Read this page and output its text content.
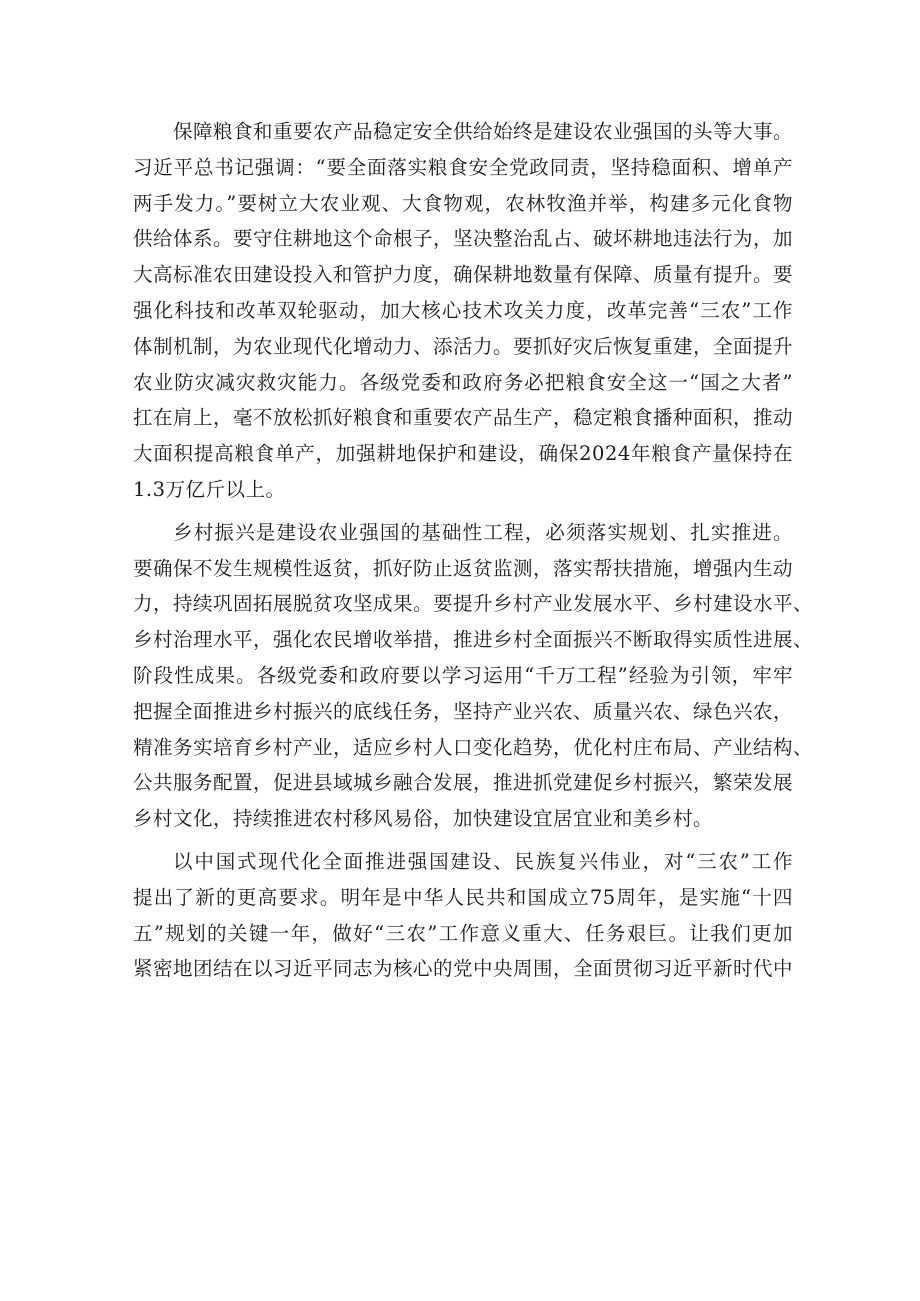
保障粮食和重要农产品稳定安全供给始终是建设农业强国的头等大事。
习近平总书记强调：“要全面落实粮食安全党政同责，坚持稳面积、增单产
两手发力。”要树立大农业观、大食物观，农林牧渔并举，构建多元化食物
供给体系。要守住耕地这个命根子，坚决整治乱占、破坏耕地违法行为，加
大高标准农田建设投入和管护力度，确保耕地数量有保障、质量有提升。要
强化科技和改革双轮驱动，加大核心技术攻关力度，改革完善“三农”工作
体制机制，为农业现代化增动力、添活力。要抓好灾后恢复重建，全面提升
农业防灾减灾救灾能力。各级党委和政府务必把粮食安全这一“国之大者”
扛在肩上，毫不放松抓好粮食和重要农产品生产，稳定粮食播种面积，推动
大面积提高粮食单产，加强耕地保护和建设，确保2024年粮食产量保持在
1.3万亿斤以上。
乡村振兴是建设农业强国的基础性工程，必须落实规划、扎实推进。
要确保不发生规模性返贫，抓好防止返贫监测，落实帮扶措施，增强内生动
力，持续巩固拓展脱贫攻坚成果。要提升乡村产业发展水平、乡村建设水平、
乡村治理水平，强化农民增收举措，推进乡村全面振兴不断取得实质性进展、
阶段性成果。各级党委和政府要以学习运用“千万工程”经验为引领，牢牢
把握全面推进乡村振兴的底线任务，坚持产业兴农、质量兴农、绿色兴农，
精准务实培育乡村产业，适应乡村人口变化趋势，优化村庄布局、产业结构、
公共服务配置，促进县域城乡融合发展，推进抓党建促乡村振兴，繁荣发展
乡村文化，持续推进农村移风易俗，加快建设宜居宜业和美乡村。
以中国式现代化全面推进强国建设、民族复兴伟业，对“三农”工作
提出了新的更高要求。明年是中华人民共和国成立75周年，是实施“十四
五”规划的关键一年，做好“三农”工作意义重大、任务艰巨。让我们更加
紧密地团结在以习近平同志为核心的党中央周围，全面贯彻习近平新时代中
